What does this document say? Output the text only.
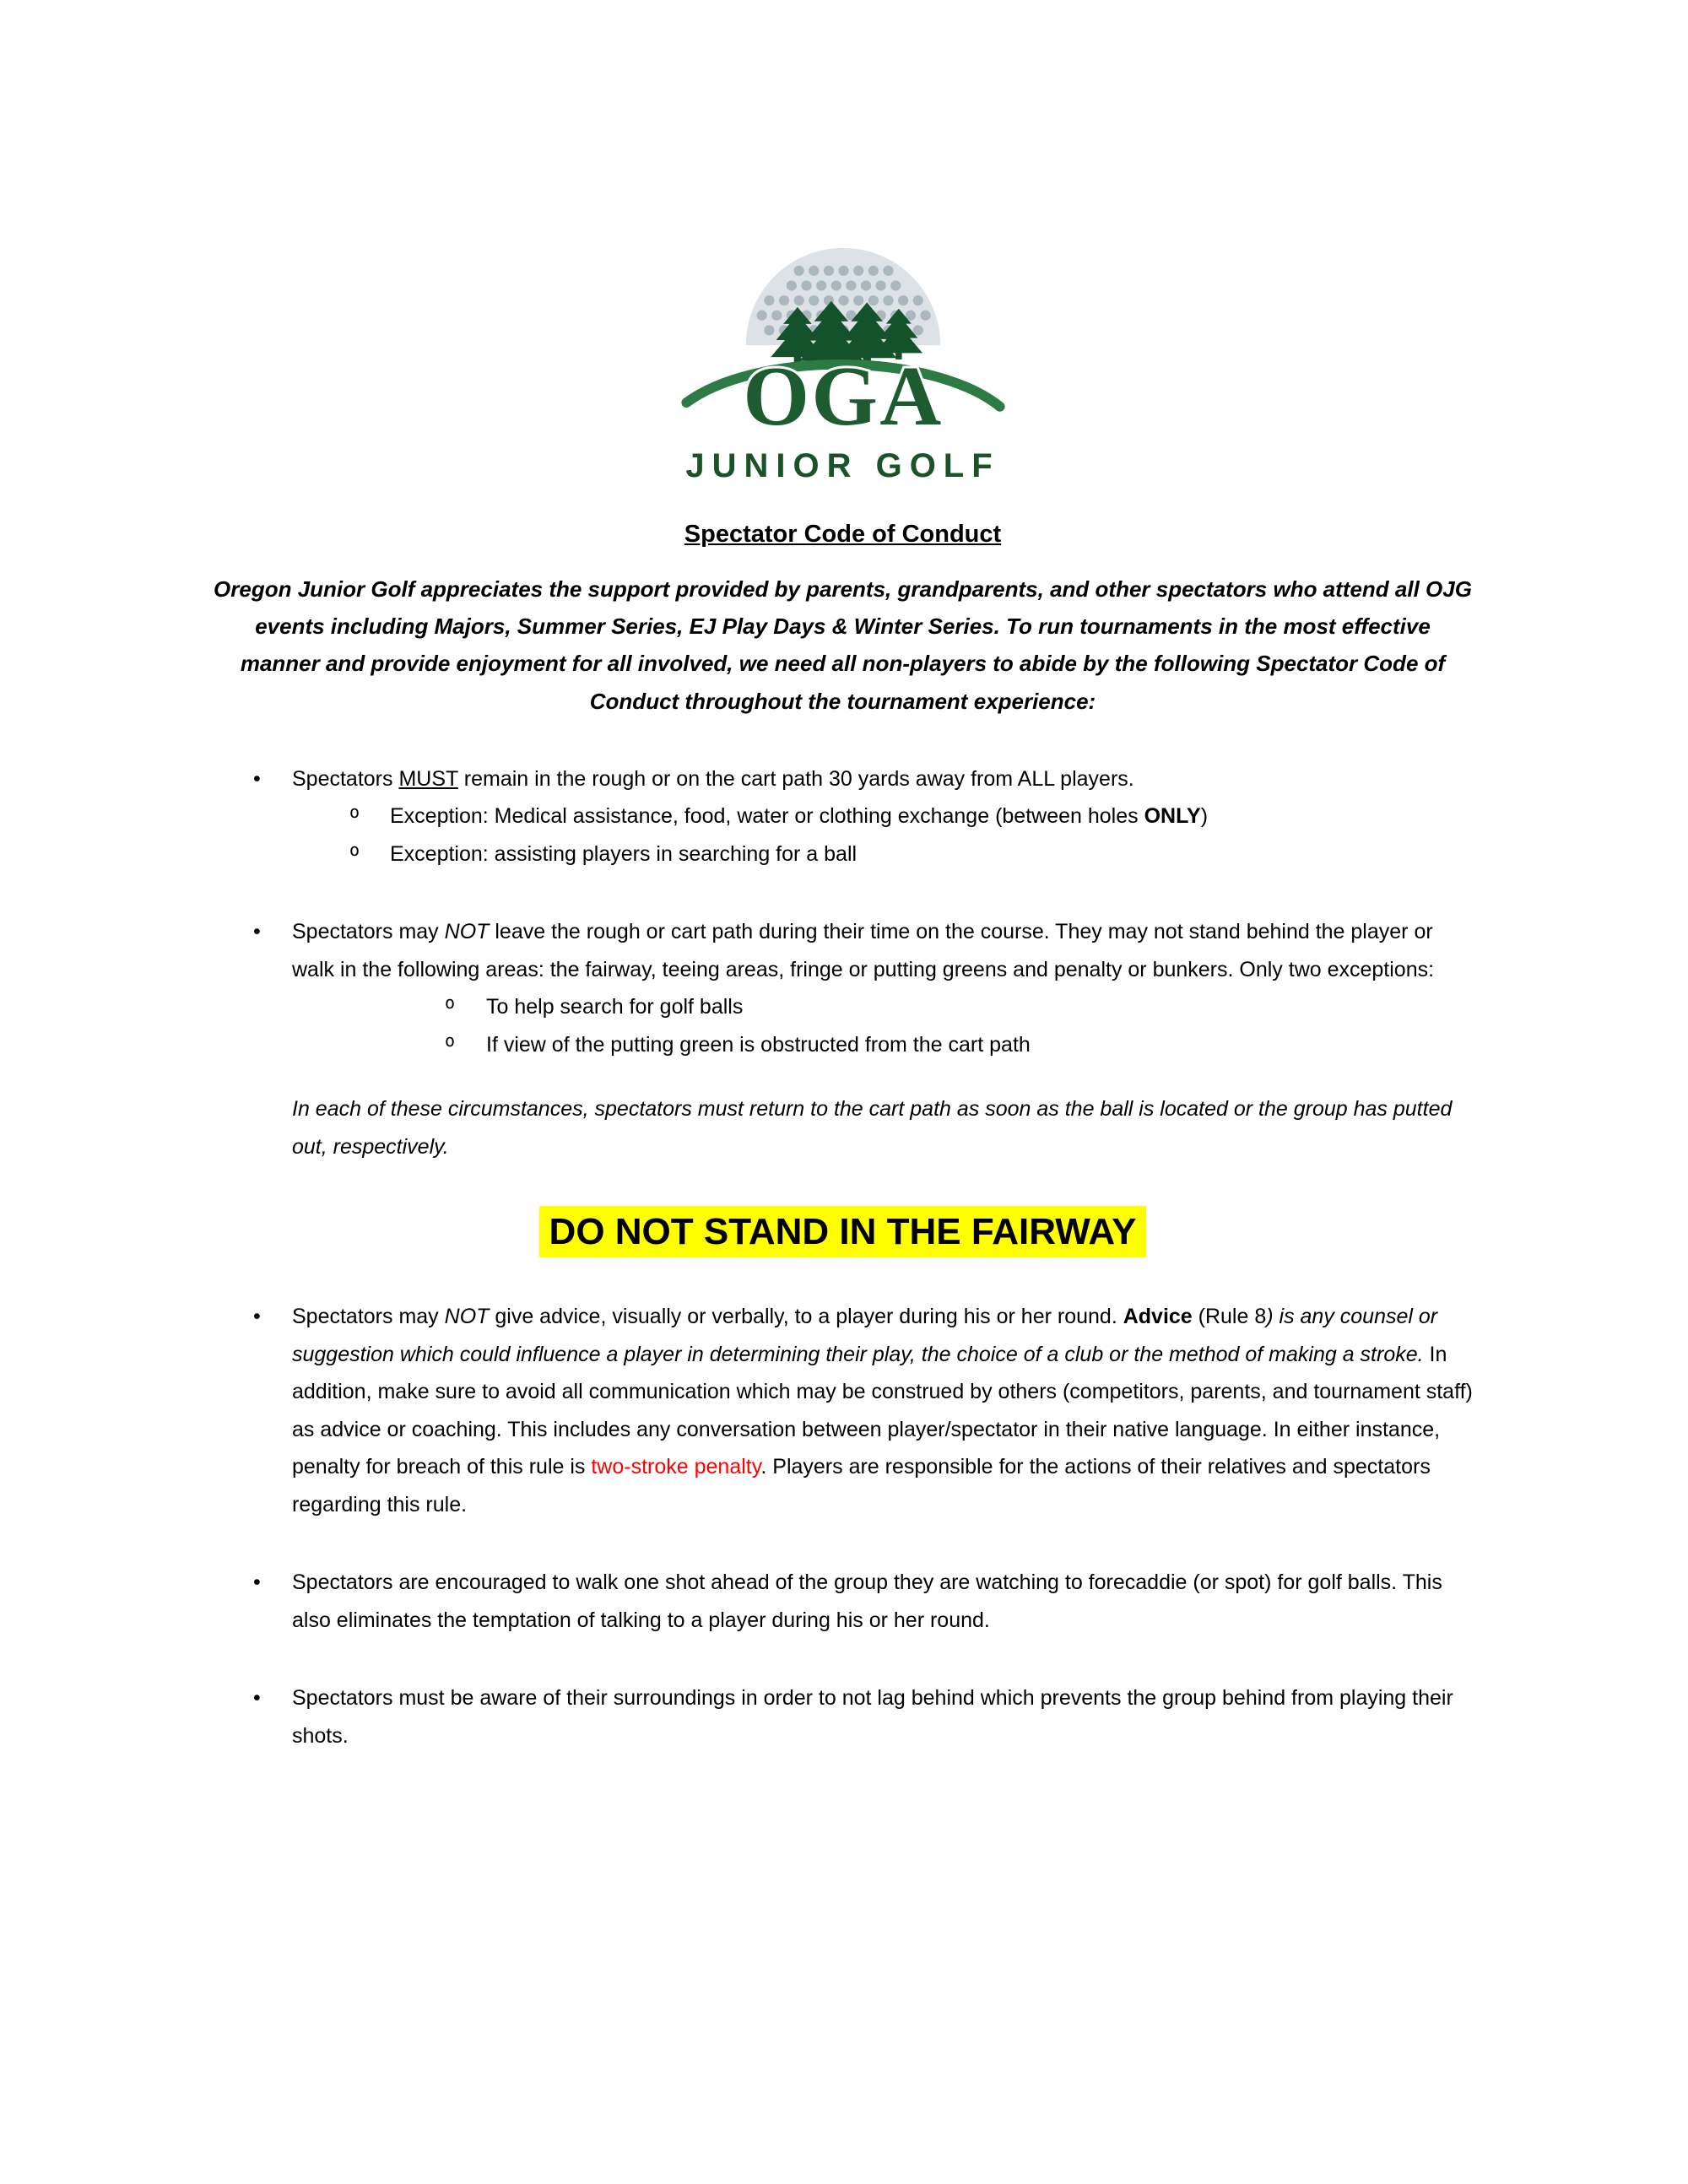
OGA
JUNIOR GOLF
Spectator Code of Conduct

Oregon Junior Golf appreciates the support provided by parents, grandparents, and other spectators who attend all OJG events including Majors, Summer Series, EJ Play Days & Winter Series. To run tournaments in the most effective manner and provide enjoyment for all involved, we need all non-players to abide by the following Spectator Code of Conduct throughout the tournament experience:

•	Spectators MUST remain in the rough or on the cart path 30 yards away from ALL players.
o	Exception: Medical assistance, food, water or clothing exchange (between holes ONLY)
o	Exception: assisting players in searching for a ball
•	Spectators may NOT leave the rough or cart path during their time on the course. They may not stand behind the player or walk in the following areas: the fairway, teeing areas, fringe or putting greens and penalty or bunkers. Only two exceptions:
o	To help search for golf balls
o	If view of the putting green is obstructed from the cart path

In each of these circumstances, spectators must return to the cart path as soon as the ball is located or the group has putted out, respectively.

DO NOT STAND IN THE FAIRWAY
•	Spectators may NOT give advice, visually or verbally, to a player during his or her round. Advice (Rule 8) is any counsel or suggestion which could influence a player in determining their play, the choice of a club or the method of making a stroke. In addition, make sure to avoid all communication which may be construed by others (competitors, parents, and tournament staff) as advice or coaching. This includes any conversation between player/spectator in their native language. In either instance, penalty for breach of this rule is two-stroke penalty. Players are responsible for the actions of their relatives and spectators regarding this rule.
•	Spectators are encouraged to walk one shot ahead of the group they are watching to forecaddie (or spot) for golf balls. This also eliminates the temptation of talking to a player during his or her round.
•	Spectators must be aware of their surroundings in order to not lag behind which prevents the group behind from playing their shots.
